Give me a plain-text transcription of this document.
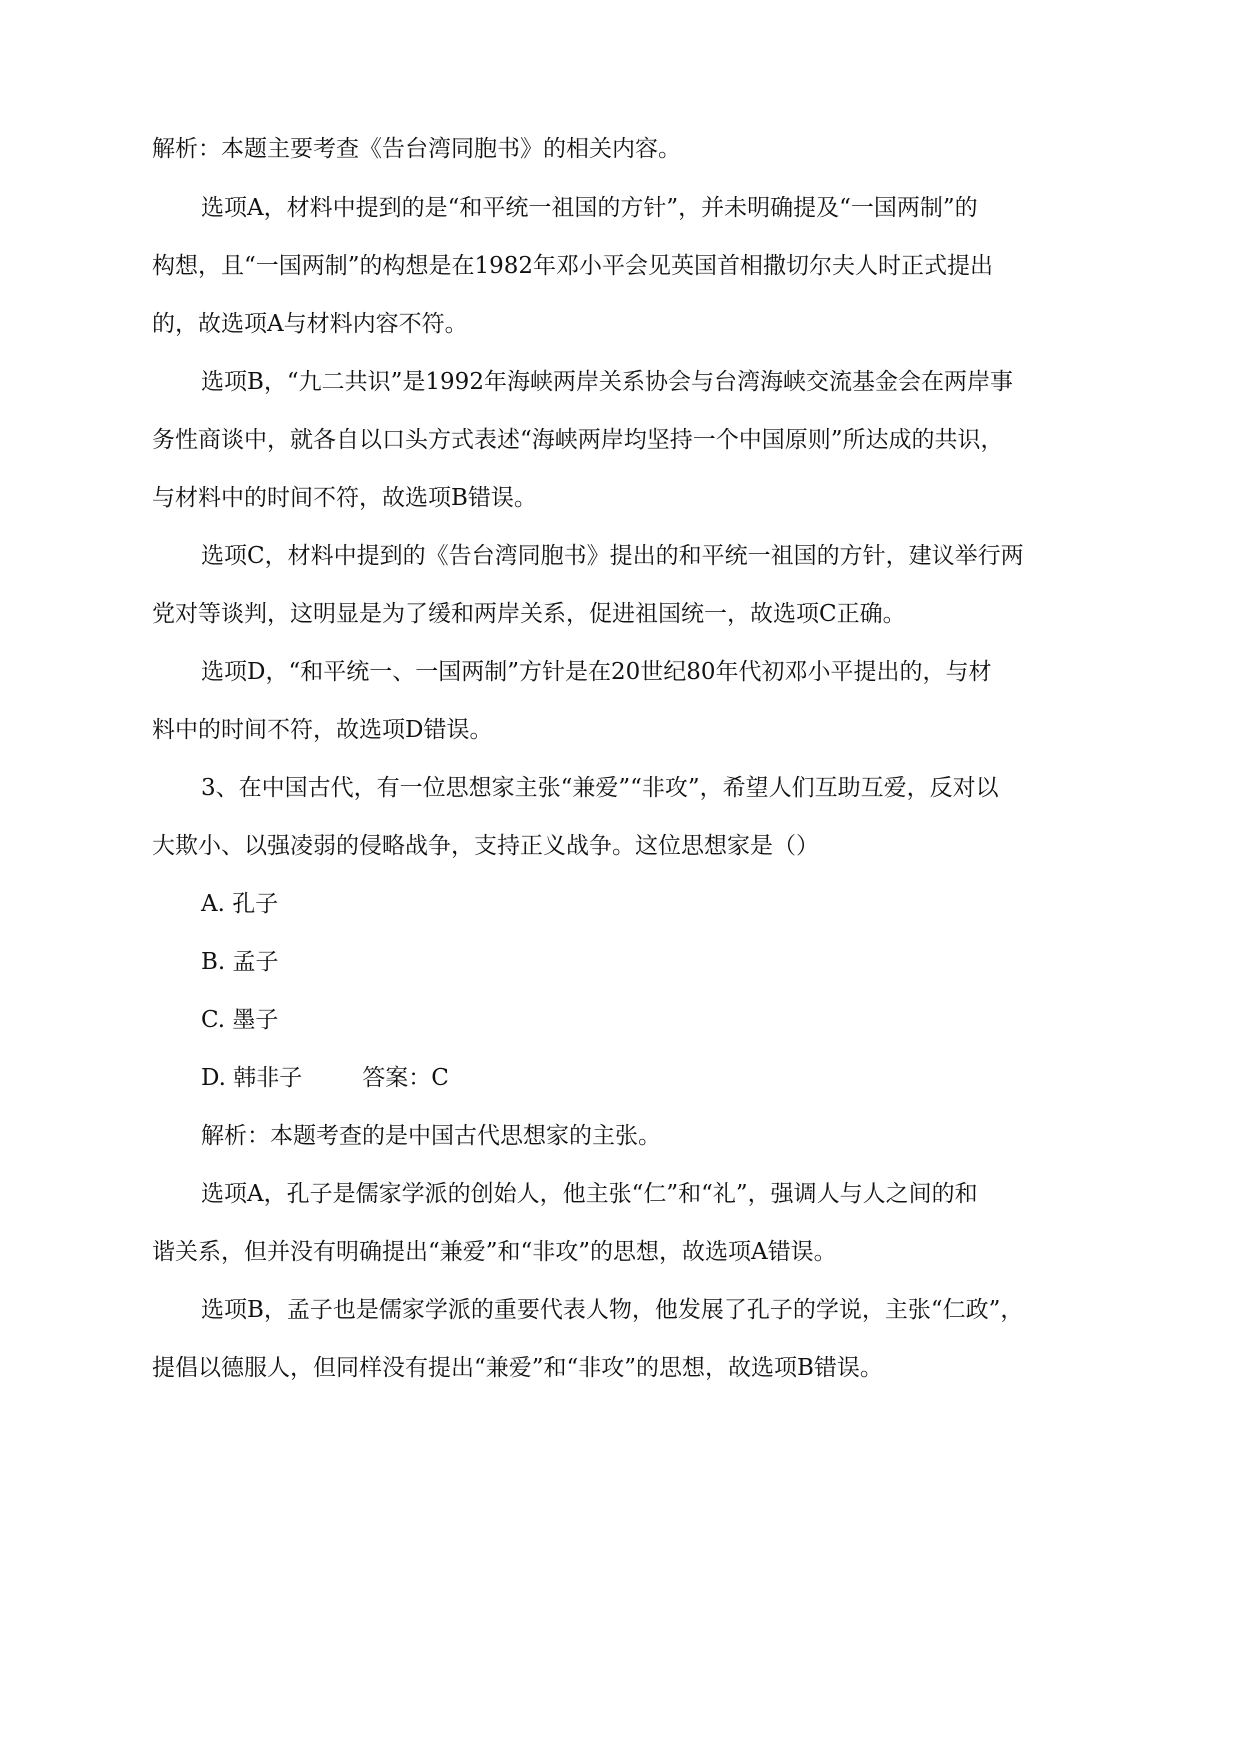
解析：本题主要考查《告台湾同胞书》的相关内容。
选项A，材料中提到的是“和平统一祖国的方针”，并未明确提及“一国两制”的
构想，且“一国两制”的构想是在1982年邓小平会见英国首相撒切尔夫人时正式提出
的，故选项A与材料内容不符。
选项B，“九二共识”是1992年海峡两岸关系协会与台湾海峡交流基金会在两岸事
务性商谈中，就各自以口头方式表述“海峡两岸均坚持一个中国原则”所达成的共识，
与材料中的时间不符，故选项B错误。
选项C，材料中提到的《告台湾同胞书》提出的和平统一祖国的方针，建议举行两
党对等谈判，这明显是为了缓和两岸关系，促进祖国统一，故选项C正确。
选项D，“和平统一、一国两制”方针是在20世纪80年代初邓小平提出的，与材
料中的时间不符，故选项D错误。
3、在中国古代，有一位思想家主张“兼爱”“非攻”，希望人们互助互爱，反对以
大欺小、以强凌弱的侵略战争，支持正义战争。这位思想家是（）
A. 孔子
B. 孟子
C. 墨子
D. 韩非子	答案：C
解析：本题考查的是中国古代思想家的主张。
选项A，孔子是儒家学派的创始人，他主张“仁”和“礼”，强调人与人之间的和
谐关系，但并没有明确提出“兼爱”和“非攻”的思想，故选项A错误。
选项B，孟子也是儒家学派的重要代表人物，他发展了孔子的学说，主张“仁政”，
提倡以德服人，但同样没有提出“兼爱”和“非攻”的思想，故选项B错误。
